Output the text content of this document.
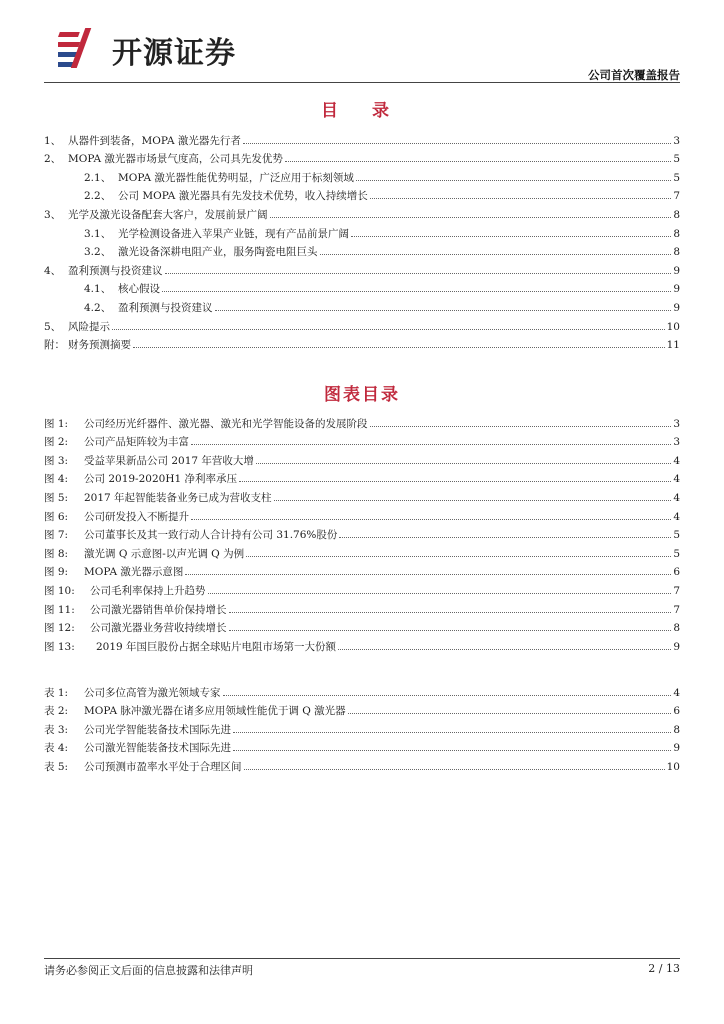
开源证券
公司首次覆盖报告
目 录
1、 从器件到装备，MOPA 激光器先行者	3
2、 MOPA 激光器市场景气度高，公司具先发优势	5
2.1、 MOPA 激光器性能优势明显，广泛应用于标刻领域	5
2.2、 公司 MOPA 激光器具有先发技术优势，收入持续增长	7
3、 光学及激光设备配套大客户，发展前景广阔	8
3.1、 光学检测设备进入苹果产业链，现有产品前景广阔	8
3.2、 激光设备深耕电阻产业，服务陶瓷电阻巨头	8
4、 盈利预测与投资建议	9
4.1、 核心假设	9
4.2、 盈利预测与投资建议	9
5、 风险提示	10
附： 财务预测摘要	11
图表目录
图 1:	公司经历光纤器件、激光器、激光和光学智能设备的发展阶段	3
图 2:	公司产品矩阵较为丰富	3
图 3:	受益苹果新品公司 2017 年营收大增	4
图 4:	公司 2019-2020H1 净利率承压	4
图 5:	2017 年起智能装备业务已成为营收支柱	4
图 6:	公司研发投入不断提升	4
图 7:	公司董事长及其一致行动人合计持有公司 31.76%股份	5
图 8:	激光调 Q 示意图-以声光调 Q 为例	5
图 9:	MOPA 激光器示意图	6
图 10:	公司毛利率保持上升趋势	7
图 11:	公司激光器销售单价保持增长	7
图 12:	公司激光器业务营收持续增长	8
图 13:	2019 年国巨股份占据全球贴片电阻市场第一大份额	9
表 1:	公司多位高管为激光领域专家	4
表 2:	MOPA 脉冲激光器在诸多应用领域性能优于调 Q 激光器	6
表 3:	公司光学智能装备技术国际先进	8
表 4:	公司激光智能装备技术国际先进	9
表 5:	公司预测市盈率水平处于合理区间	10
请务必参阅正文后面的信息披露和法律声明	2 / 13
